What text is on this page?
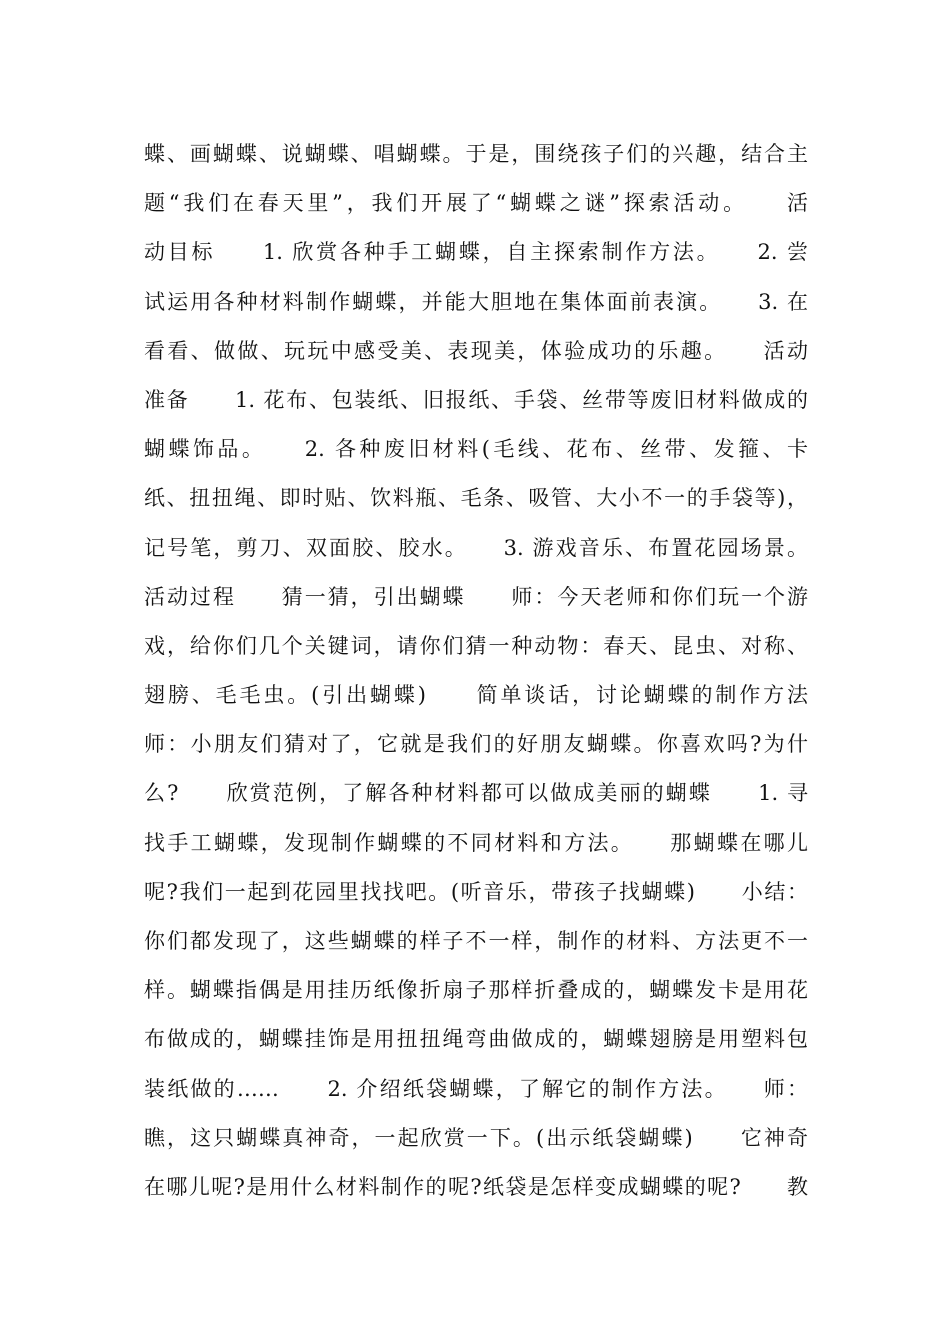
蝶、画蝴蝶、说蝴蝶、唱蝴蝶。于是，围绕孩子们的兴趣，结合主
题“我们在春天里”，我们开展了“蝴蝶之谜”探索活动。　　活
动目标　　1. 欣赏各种手工蝴蝶，自主探索制作方法。　　2. 尝
试运用各种材料制作蝴蝶，并能大胆地在集体面前表演。　　3. 在
看看、做做、玩玩中感受美、表现美，体验成功的乐趣。　　活动
准备　　1. 花布、包装纸、旧报纸、手袋、丝带等废旧材料做成的
蝴蝶饰品。　　2. 各种废旧材料(毛线、花布、丝带、发箍、卡
纸、扭扭绳、即时贴、饮料瓶、毛条、吸管、大小不一的手袋等)，
记号笔，剪刀、双面胶、胶水。　　3. 游戏音乐、布置花园场景。
活动过程　　猜一猜，引出蝴蝶　　师：今天老师和你们玩一个游
戏，给你们几个关键词，请你们猜一种动物：春天、昆虫、对称、
翅膀、毛毛虫。(引出蝴蝶)　　简单谈话，讨论蝴蝶的制作方法
师：小朋友们猜对了，它就是我们的好朋友蝴蝶。你喜欢吗?为什
么?　　欣赏范例，了解各种材料都可以做成美丽的蝴蝶　　1. 寻
找手工蝴蝶，发现制作蝴蝶的不同材料和方法。　　那蝴蝶在哪儿
呢?我们一起到花园里找找吧。(听音乐，带孩子找蝴蝶)　　小结：
你们都发现了，这些蝴蝶的样子不一样，制作的材料、方法更不一
样。蝴蝶指偶是用挂历纸像折扇子那样折叠成的，蝴蝶发卡是用花
布做成的，蝴蝶挂饰是用扭扭绳弯曲做成的，蝴蝶翅膀是用塑料包
装纸做的……　　2. 介绍纸袋蝴蝶，了解它的制作方法。　　师：
瞧，这只蝴蝶真神奇，一起欣赏一下。(出示纸袋蝴蝶)　　它神奇
在哪儿呢?是用什么材料制作的呢?纸袋是怎样变成蝴蝶的呢?　　教
